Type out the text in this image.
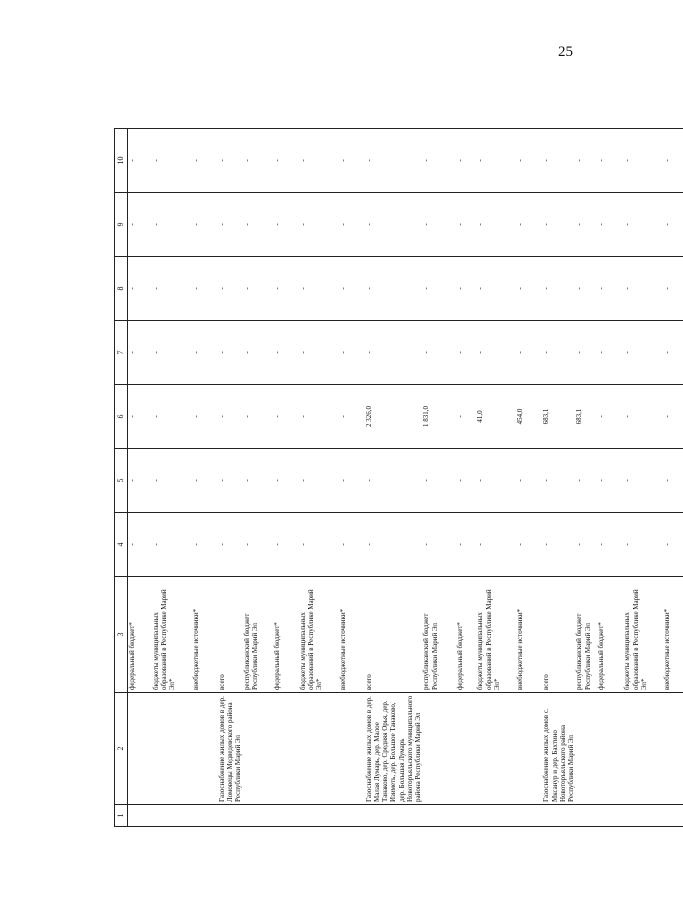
25
1	2	3	4	5	6	7	8	9	10
		федеральный бюджет*	-	-	-	-	-	-	-
		бюджеты муниципальных образований в Республике Марий Эл*	-	-	-	-	-	-	-
		внебюджетные источники*	-	-	-	-	-	-	-
	Газоснабжение жилых домов в дер. Ломовецы Медведевского района Республики Марий Эл	всего	-	-	-	-	-	-	-
		республиканский бюджет Республики Марий Эл	-	-	-	-	-	-	-
		федеральный бюджет*	-	-	-	-	-	-	-
		бюджеты муниципальных образований в Республике Марий Эл*	-	-	-	-	-	-	-
		внебюджетные источники*	-	-	-	-	-	-	-
	Газоснабжение жилых домов в дер. Малая Лумарь, дер. Малое Танаково, дер. Средняя Орья, дер. Изиметь, дер. Большое Танаково, дер. Большая Лумарь Новоторъяльского муниципального района Республики Марий Эл	всего	-	-	2 326,0	-	-	-	-
		республиканский бюджет Республики Марий Эл	-	-	1 831,0	-	-	-	-
		федеральный бюджет*	-	-	-	-	-	-	-
		бюджеты муниципальных образований в Республике Марий Эл*	-	-	41,0	-	-	-	-
		внебюджетные источники*	-	-	454,0	-	-	-	-
	Газоснабжение жилых домов с. Мксанур и дер. Бахтино Новоторъяльского района Республики Марий Эл	всего	-	-	683,1	-	-	-	-
		республиканский бюджет Республики Марий Эл	-	-	683,1	-	-	-	-
		федеральный бюджет*	-	-	-	-	-	-	-
		бюджеты муниципальных образований в Республике Марий Эл*	-	-	-	-	-	-	-
		внебюджетные источники*	-	-	-	-	-	-	-
